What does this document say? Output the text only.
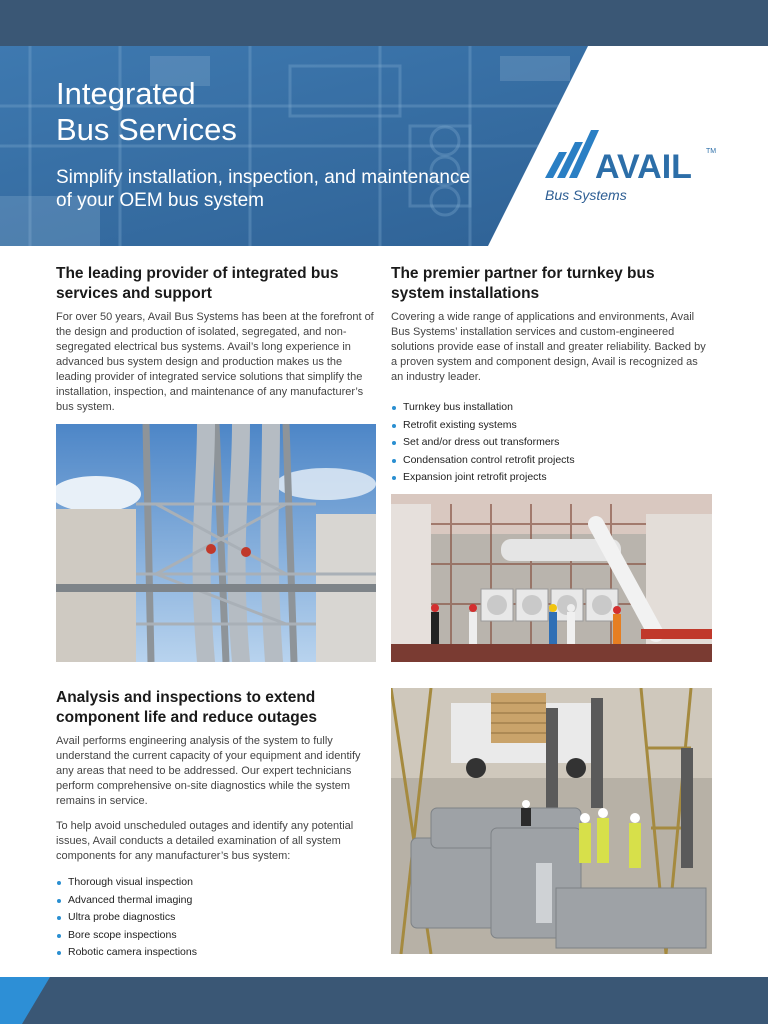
Integrated
Bus Services
Simplify installation, inspection, and maintenance of your OEM bus system
AVAIL TM
Bus Systems
The leading provider of integrated bus services and support

For over 50 years, Avail Bus Systems has been at the forefront of the design and production of isolated, segregated, and non-segregated electrical bus systems. Avail’s long experience in advanced bus system design and production makes us the leading provider of integrated service solutions that simplify the installation, inspection, and maintenance of any manufacturer’s bus system.

The premier partner for turnkey bus system installations

Covering a wide range of applications and environments, Avail Bus Systems’ installation services and custom-engineered solutions provide ease of install and greater reliability. Backed by a proven system and component design, Avail is recognized as an industry leader.

Turnkey bus installation
Retrofit existing systems
Set and/or dress out transformers
Condensation control retrofit projects
Expansion joint retrofit projects
Analysis and inspections to extend component life and reduce outages

Avail performs engineering analysis of the system to fully understand the current capacity of your equipment and identify any areas that need to be addressed. Our expert technicians perform comprehensive on-site diagnostics while the system remains in service.

To help avoid unscheduled outages and identify any potential issues, Avail conducts a detailed examination of all system components for any manufacturer’s bus system:

Thorough visual inspection
Advanced thermal imaging
Ultra probe diagnostics
Bore scope inspections
Robotic camera inspections
